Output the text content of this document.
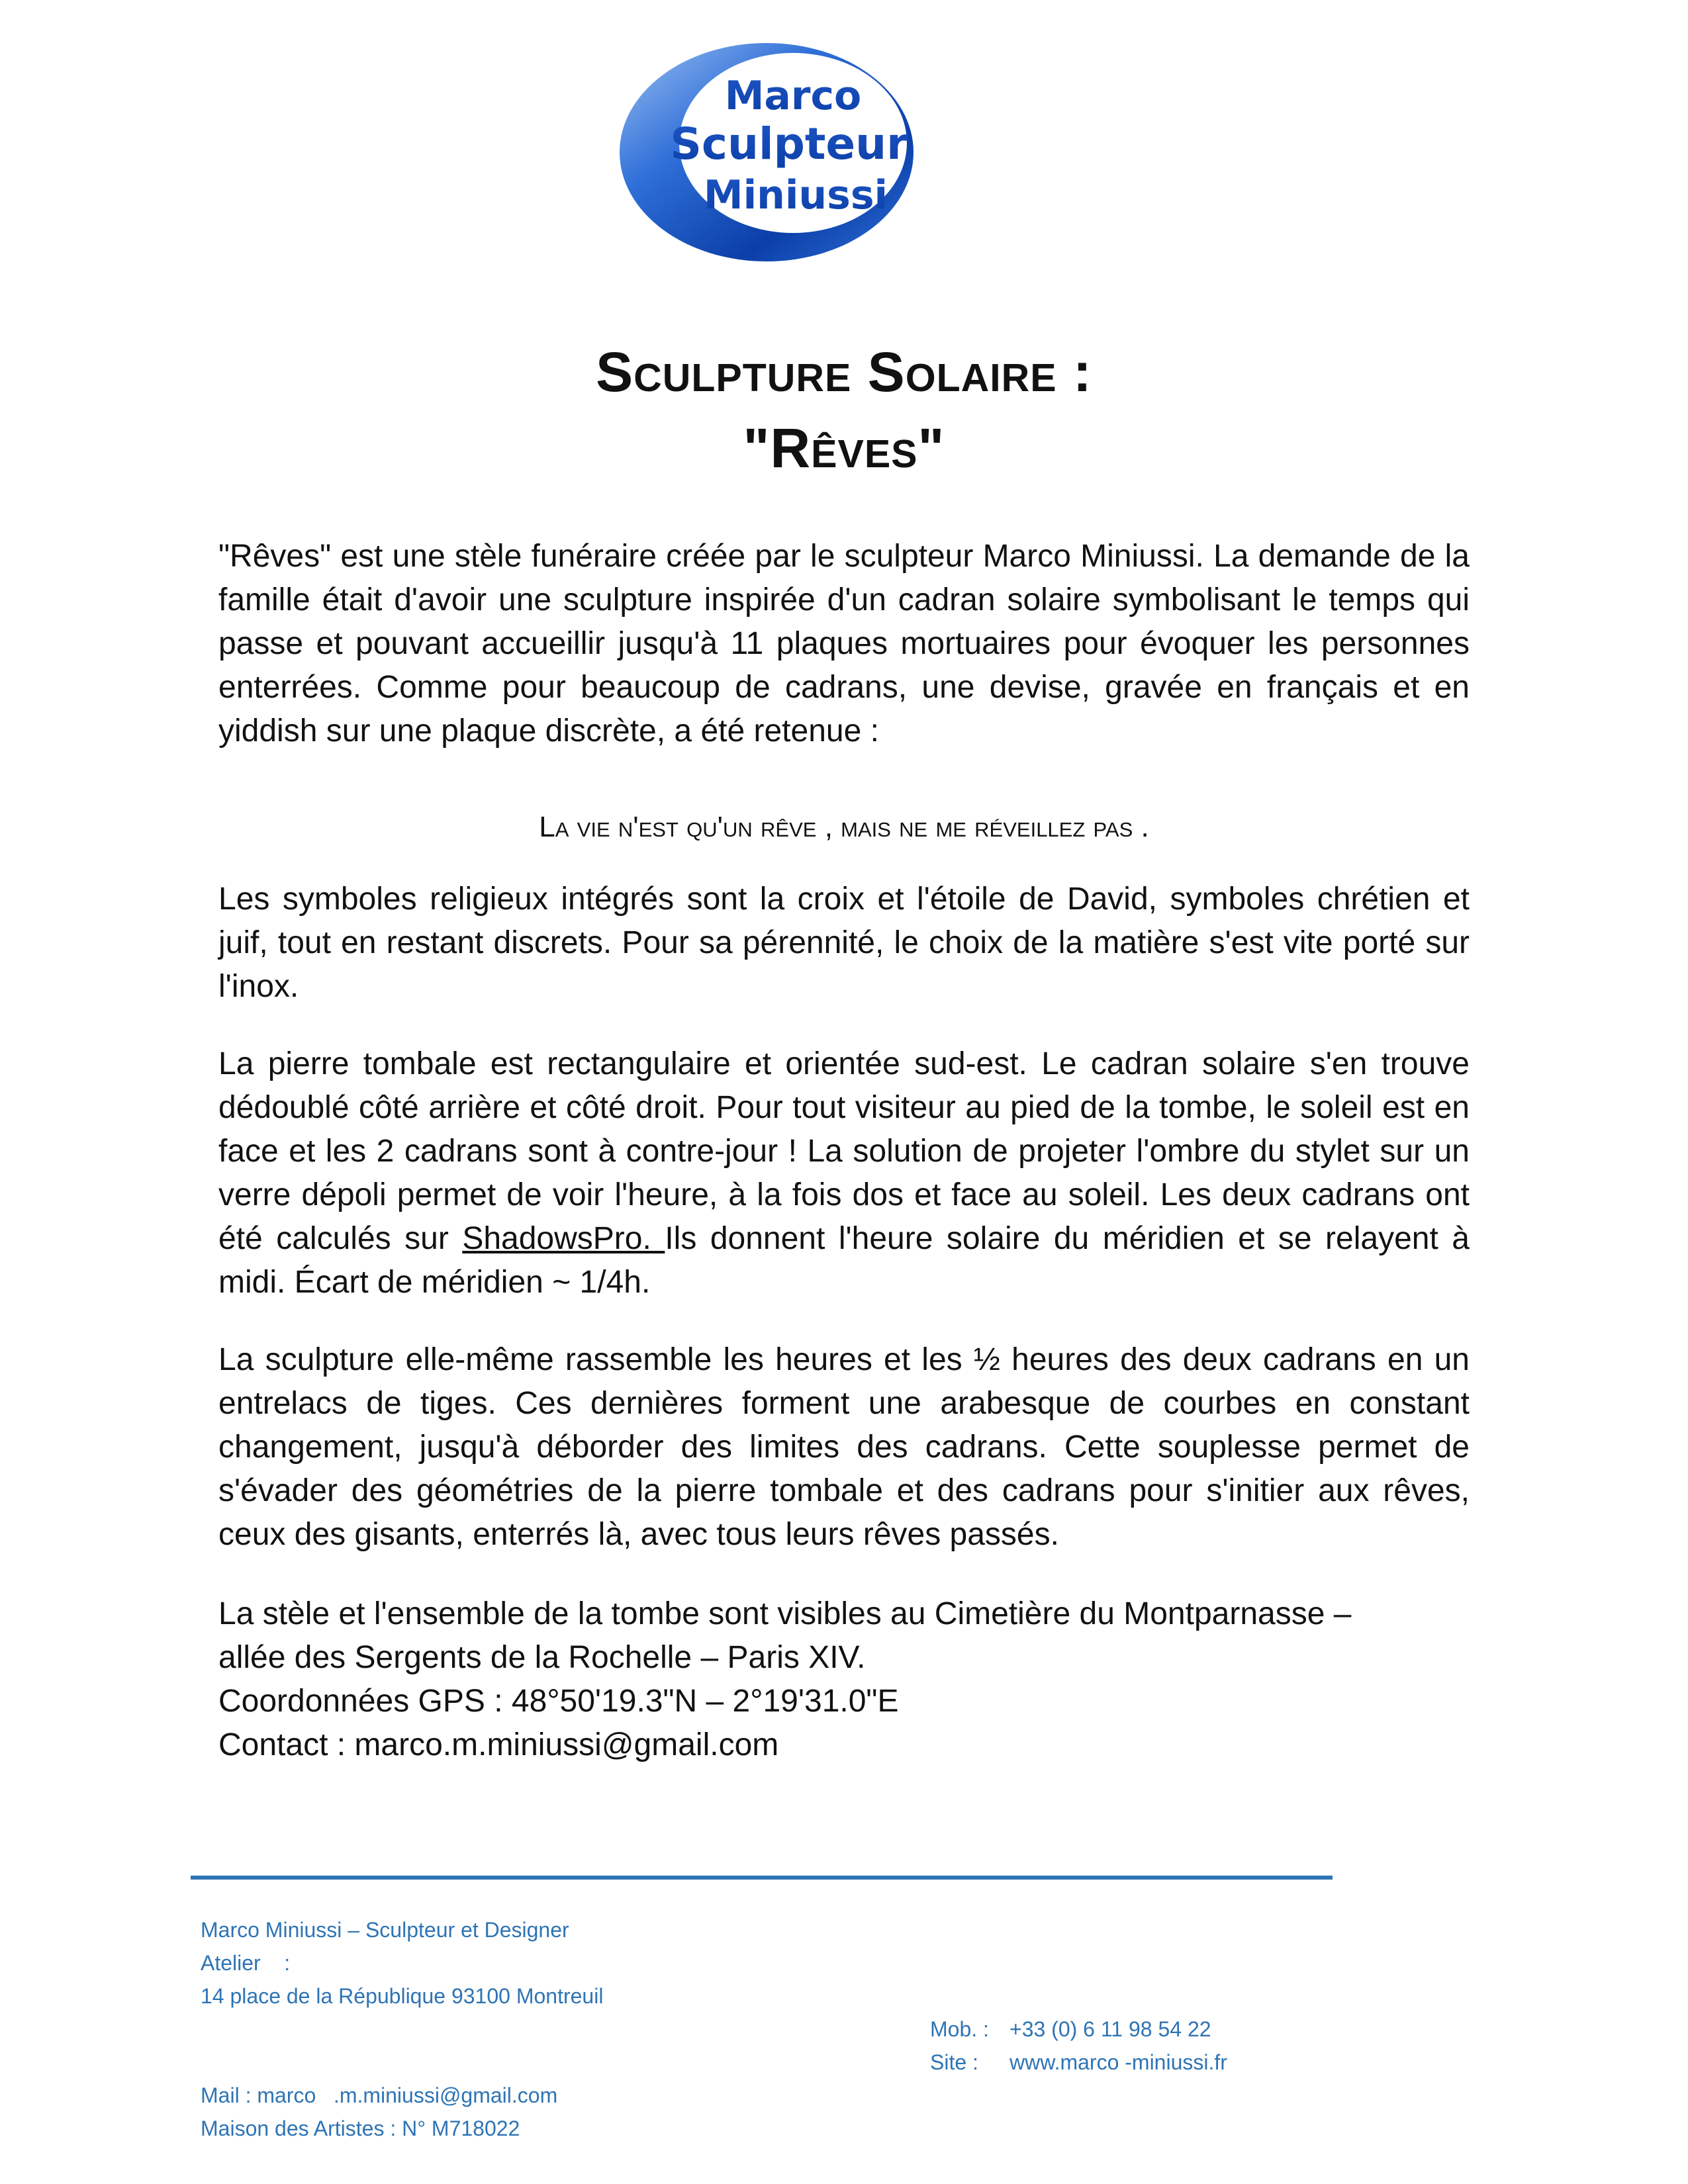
Marco
Sculpteur
Miniussi
Sculpture Solaire :
"Rêves"

"Rêves" est une stèle funéraire créée par le sculpteur Marco Miniussi. La demande de la famille était d'avoir une sculpture inspirée d'un cadran solaire symbolisant le temps qui passe et pouvant accueillir jusqu'à 11 plaques mortuaires pour évoquer les personnes enterrées. Comme pour beaucoup de cadrans, une devise, gravée en français et en yiddish sur une plaque discrète, a été retenue :

La vie n'est qu'un rêve , mais ne me réveillez pas .

Les symboles religieux intégrés sont la croix et l'étoile de David, symboles chrétien et juif, tout en restant discrets. Pour sa pérennité, le choix de la matière s'est vite porté sur l'inox.

La pierre tombale est rectangulaire et orientée sud-est. Le cadran solaire s'en trouve dédoublé côté arrière et côté droit. Pour tout visiteur au pied de la tombe, le soleil est en face et les 2 cadrans sont à contre-jour ! La solution de projeter l'ombre du stylet sur un verre dépoli permet de voir l'heure, à la fois dos et face au soleil. Les deux cadrans ont été calculés sur ShadowsPro. Ils donnent l'heure solaire du méridien et se relayent à midi. Écart de méridien ~ 1/4h.

La sculpture elle-même rassemble les heures et les ½ heures des deux cadrans en un entrelacs de tiges. Ces dernières forment une arabesque de courbes en constant changement, jusqu'à déborder des limites des cadrans. Cette souplesse permet de s'évader des géométries de la pierre tombale et des cadrans pour s'initier aux rêves, ceux des gisants, enterrés là, avec tous leurs rêves passés.

La stèle et l'ensemble de la tombe sont visibles au Cimetière du Montparnasse –

allée des Sergents de la Rochelle – Paris XIV.

Coordonnées GPS : 48°50'19.3"N – 2°19'31.0"E

Contact : marco.m.miniussi@gmail.com

Marco Miniussi – Sculpteur et Designer
Atelier    :
14 place de la République 93100 Montreuil
Mail : marco   .m.miniussi@gmail.com
Maison des Artistes : N° M718022
Mob. : +33 (0) 6 11 98 54 22
Site :	www.marco -miniussi.fr
